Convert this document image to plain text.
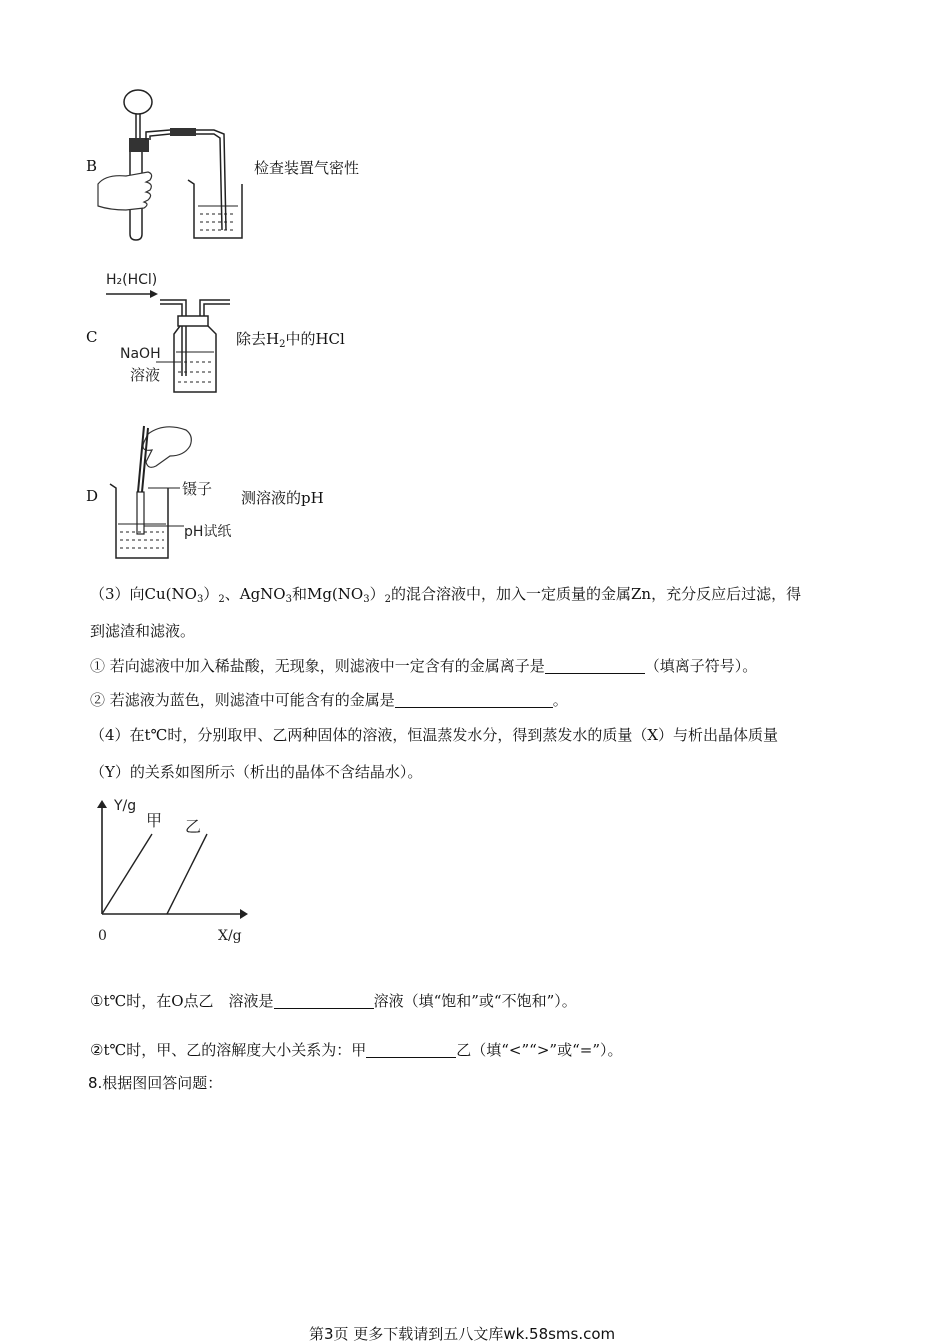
B	检查装置气密性
C
H₂(HCl)
NaOH
溶液
除去$H_2$中的HCl
D	镊子
pH试纸
测溶液的pH
（3）向$Cu(NO_3)_2$、AgNO$_3$和$Mg(NO_3)_2$的混合溶液中，加入一定质量的金属Zn，充分反应后过滤，得
到滤渣和滤液。
① 若向滤液中加入稀盐酸，无现象，则滤液中一定含有的金属离子是	（填离子符号）。
② 若滤液为蓝色，则滤渣中可能含有的金属是	。
（4）在t℃时，分别取甲、乙两种固体的溶液，恒温蒸发水分，得到蒸发水的质量（X）与析出晶体质量
（Y）的关系如图所示（析出的晶体不含结晶水）。
Y/g
X/g
0
甲 乙
①t℃时，在O点乙　溶液是	溶液（填“饱和”或“不饱和”）。
②t℃时，甲、乙的溶解度大小关系为：甲	乙（填“<”“>”或“=”）。
8.根据图回答问题：
第3页 更多下载请到五八文库wk.58sms.com
